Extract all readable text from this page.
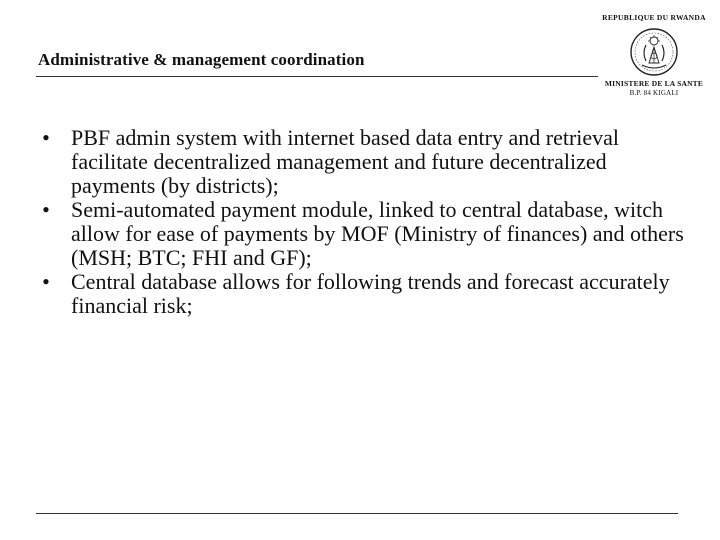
REPUBLIQUE DU RWANDA
MINISTERE DE LA SANTE
B.P. 84 KIGALI
Administrative & management coordination
• PBF admin system with internet based data entry and retrieval facilitate decentralized management and future decentralized payments (by districts);
• Semi-automated payment module, linked to central database, witch allow for ease of payments by MOF (Ministry of finances) and others (MSH; BTC; FHI and GF);
• Central database allows for following trends and forecast accurately financial risk;
